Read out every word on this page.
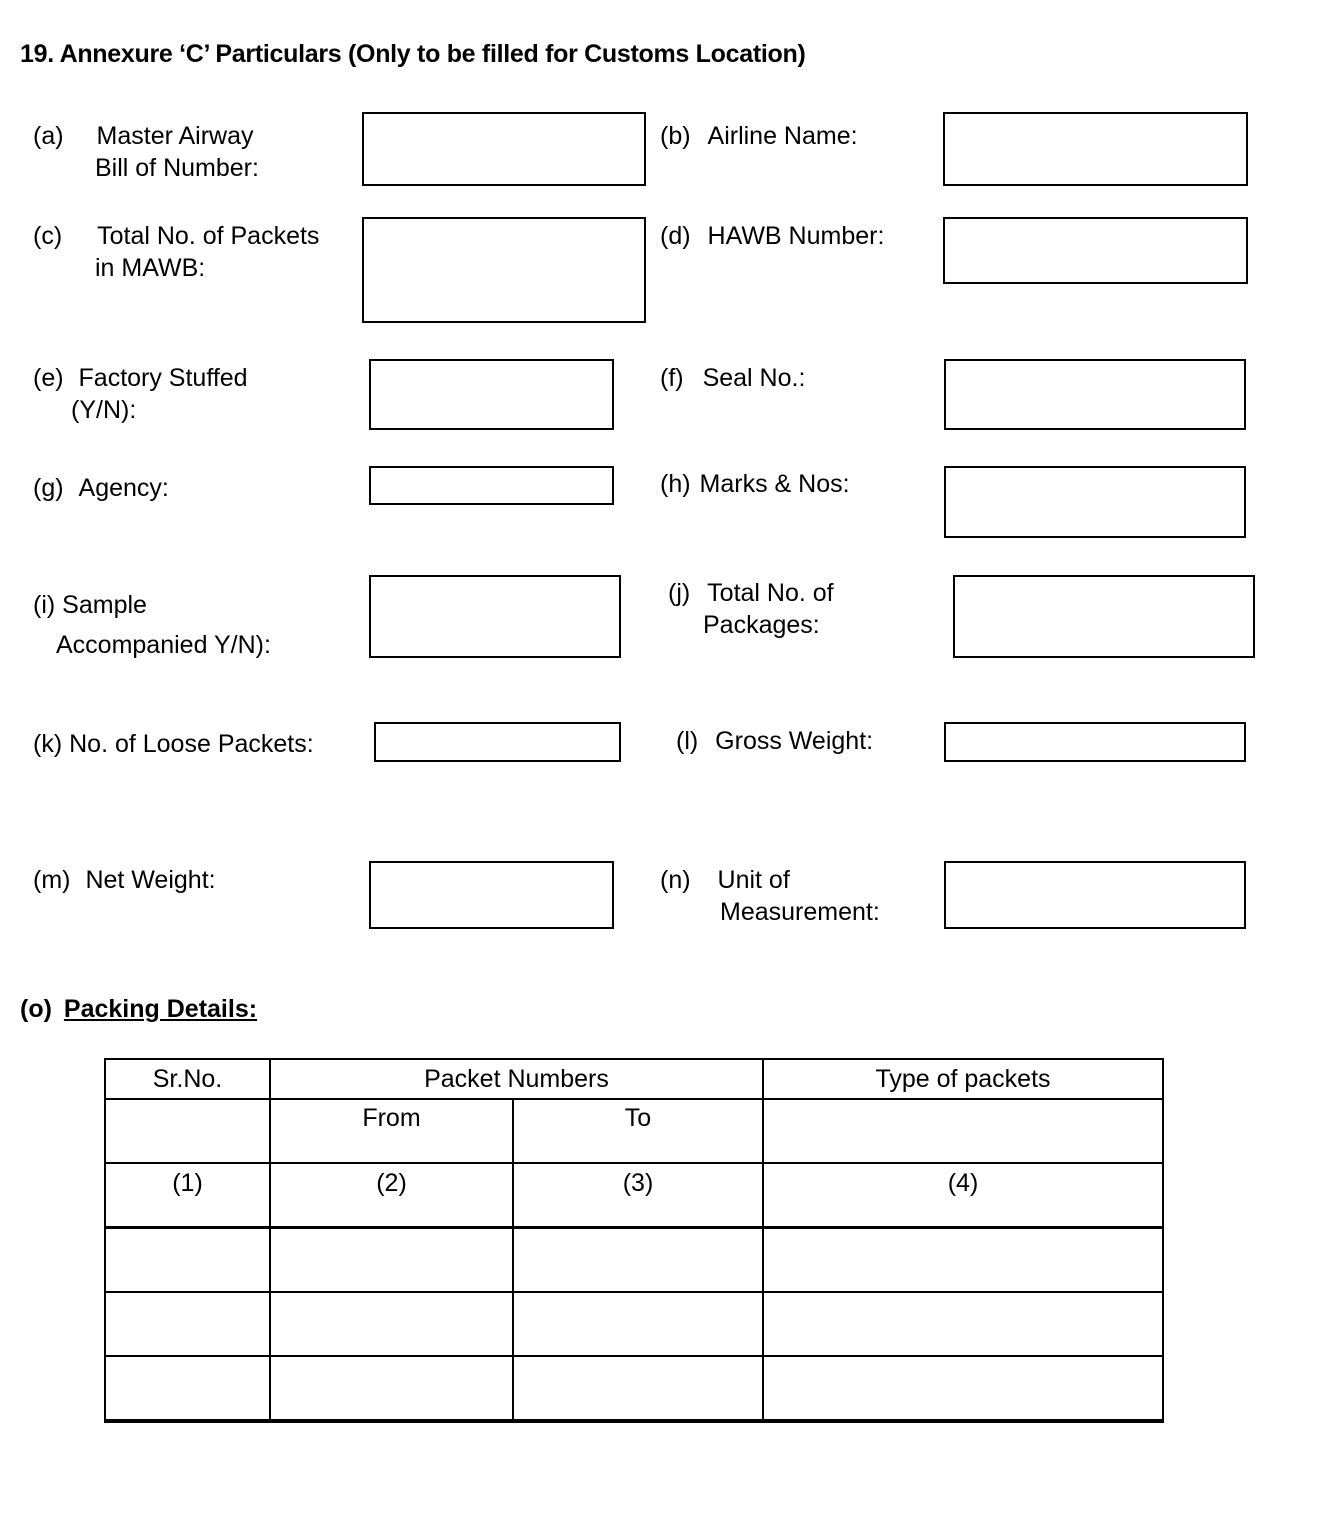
19. Annexure ‘C’ Particulars (Only to be filled for Customs Location)
(a) Master Airway
Bill of Number:
(b) Airline Name:
(c) Total No. of Packets
in MAWB:
(d) HAWB Number:
(e) Factory Stuffed
(Y/N):
(f) Seal No.:
(g) Agency:	(h) Marks & Nos:
(i) Sample
Accompanied Y/N):
(j) Total No. of
Packages:
(k) No. of Loose Packets:	(l) Gross Weight:
(m) Net Weight:	(n) Unit of
Measurement:
(o) Packing Details:
Sr.No.	Packet Numbers		Type of packets
	From	To	
(1)	(2)	(3)	(4)
